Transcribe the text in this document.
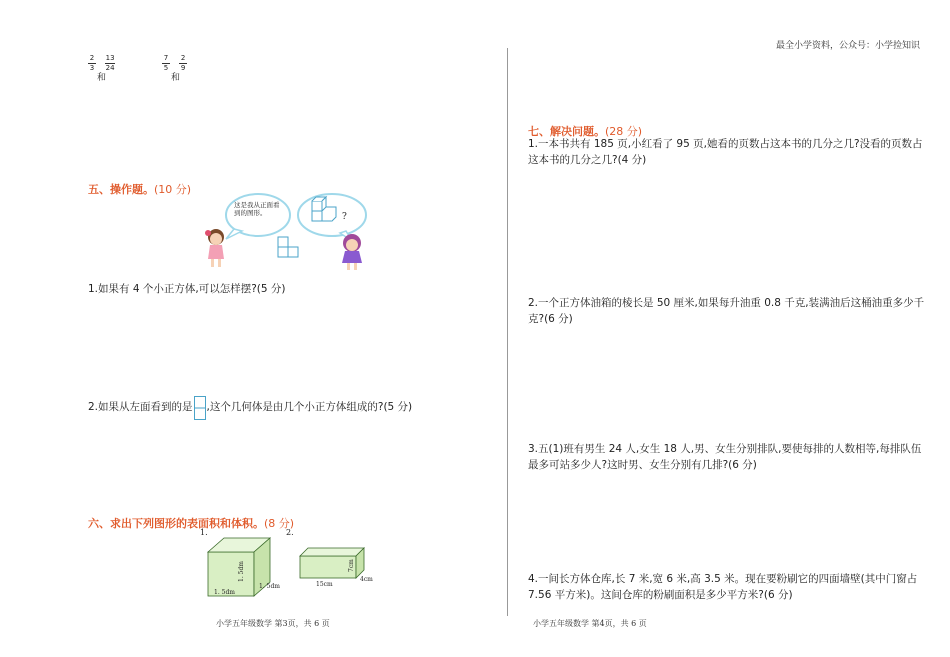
最全小学资料，公众号：小学捡知识
$\frac{2}{3}$
$_和$
$\frac{13}{24}$	$\frac{7}{5}$
$_和$
$\frac{2}{9}$
五、操作题。(10 分)
这是我从正面看到的图形。	?
1.如果有 4 个小正方体,可以怎样摆?(5 分)
2.如果从左面看到的是 ,这个几何体是由几个小正方体组成的?(5 分)
六、求出下列图形的表面积和体积。(8 分)
1.	2.
1. 5dm
1. 5dm
1. 5dm	15cm
7cm
4cm
小学五年级数学 第3页，共 6 页
七、解决问题。(28 分)
1.一本书共有 185 页,小红看了 95 页,她看的页数占这本书的几分之几?没看的页数占
这本书的几分之几?(4 分)
2.一个正方体油箱的棱长是 50 厘米,如果每升油重 0.8 千克,装满油后这桶油重多少千
克?(6 分)
3.五(1)班有男生 24 人,女生 18 人,男、女生分别排队,要使每排的人数相等,每排队伍
最多可站多少人?这时男、女生分别有几排?(6 分)
4.一间长方体仓库,长 7 米,宽 6 米,高 3.5 米。现在要粉刷它的四面墙壁(其中门窗占
7.56 平方米)。这间仓库的粉刷面积是多少平方米?(6 分)
小学五年级数学 第4页，共 6 页
